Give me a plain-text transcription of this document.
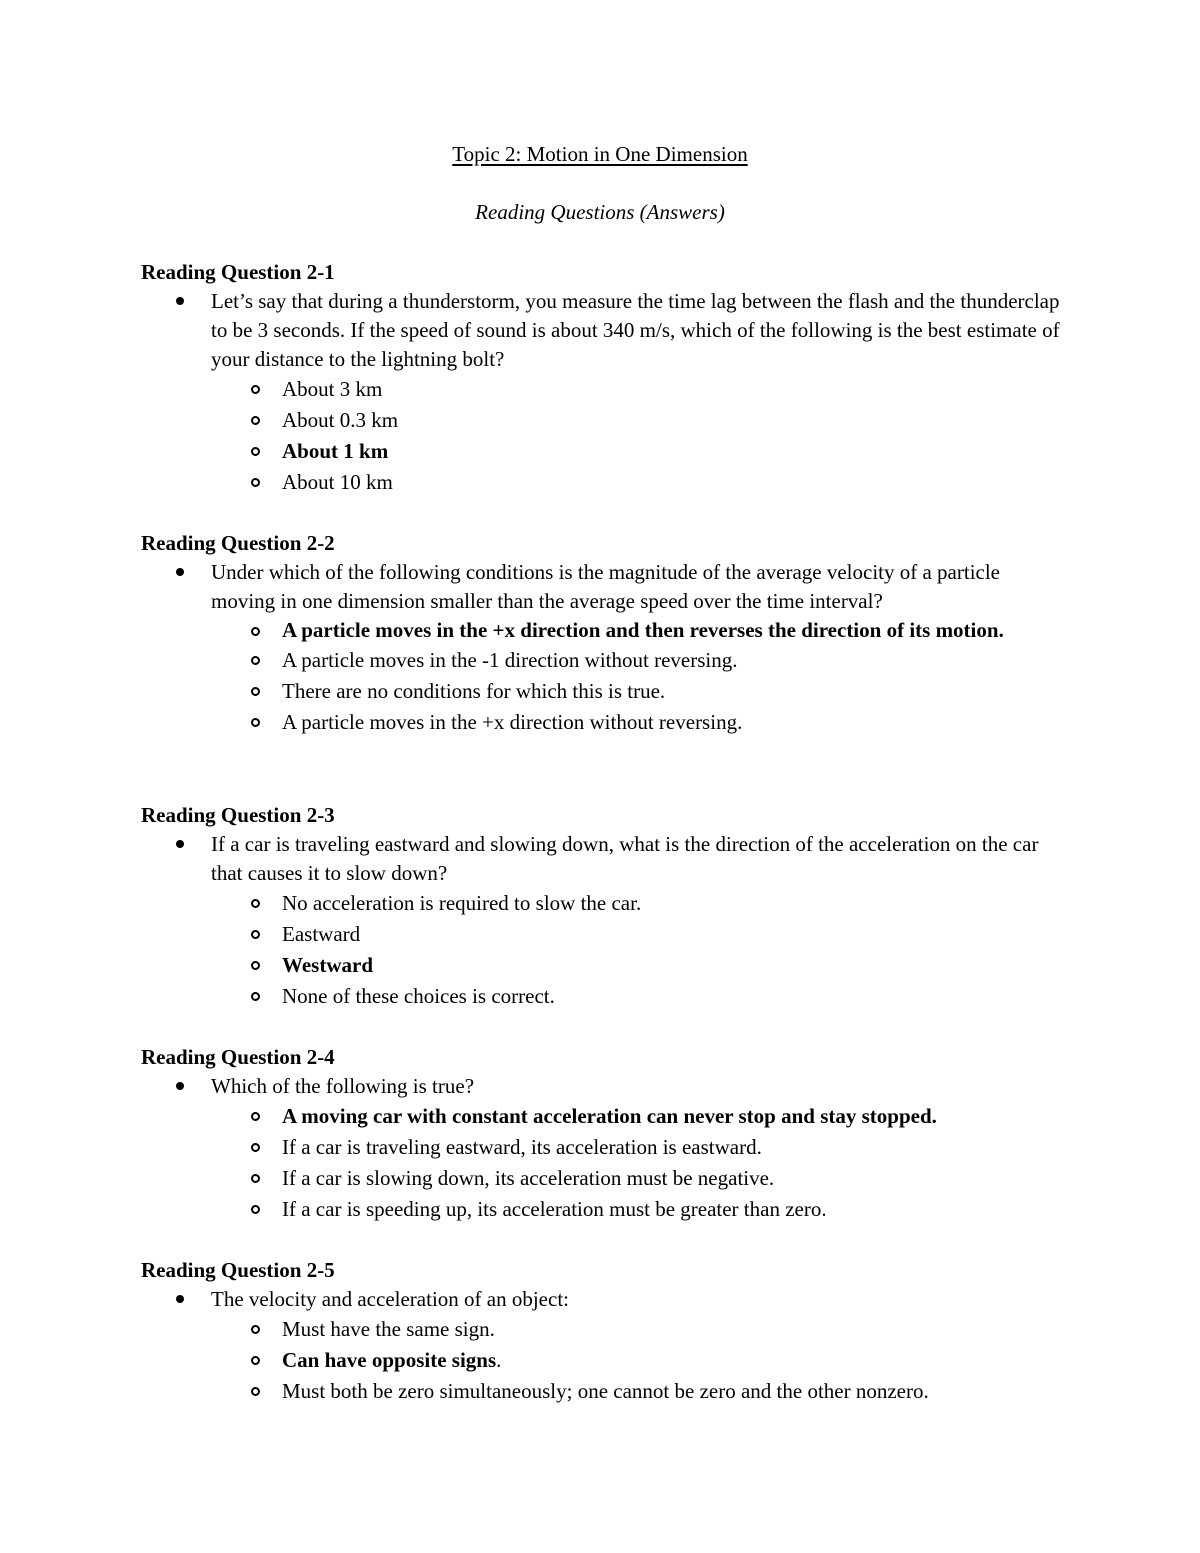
Topic 2: Motion in One Dimension
Reading Questions (Answers)
Reading Question 2-1
Let’s say that during a thunderstorm, you measure the time lag between the flash and the thunderclap to be 3 seconds. If the speed of sound is about 340 m/s, which of the following is the best estimate of your distance to the lightning bolt?
About 3 km
About 0.3 km
About 1 km
About 10 km
Reading Question 2-2
Under which of the following conditions is the magnitude of the average velocity of a particle moving in one dimension smaller than the average speed over the time interval?
A particle moves in the +x direction and then reverses the direction of its motion.
A particle moves in the -1 direction without reversing.
There are no conditions for which this is true.
A particle moves in the +x direction without reversing.
Reading Question 2-3
If a car is traveling eastward and slowing down, what is the direction of the acceleration on the car that causes it to slow down?
No acceleration is required to slow the car.
Eastward
Westward
None of these choices is correct.
Reading Question 2-4
Which of the following is true?
A moving car with constant acceleration can never stop and stay stopped.
If a car is traveling eastward, its acceleration is eastward.
If a car is slowing down, its acceleration must be negative.
If a car is speeding up, its acceleration must be greater than zero.
Reading Question 2-5
The velocity and acceleration of an object:
Must have the same sign.
Can have opposite signs.
Must both be zero simultaneously; one cannot be zero and the other nonzero.
